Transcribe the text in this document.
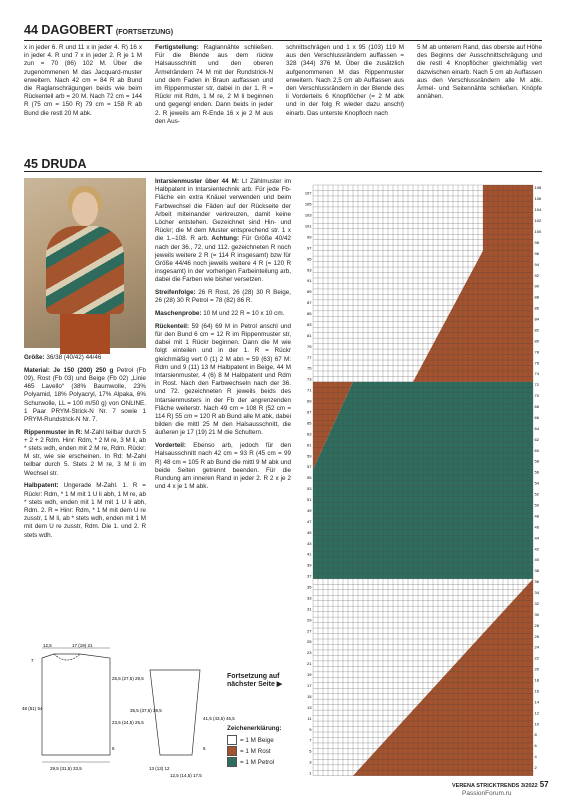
44 DAGOBERT (FORTSETZUNG)

x in jeder 6. R und 11 x in jeder 4. R) 16 x in jeder 4. R und 7 x in jeder 2. R je 1 M zun = 70 (86) 102 M. Über die zugenommenen M das Jacquard-muster erweitern. Nach 42 cm = 84 R ab Bund die Raglanschrägungen beids wie beim Rückenteil arb = 20 M. Nach 72 cm = 144 R (75 cm = 150 R) 79 cm = 158 R ab Bund die restl 20 M abk.

Fertigstellung: Raglannähte schließen. Für die Blende aus dem rückw Halsausschnitt und den oberen Ärmelrändern 74 M mit der Rundstrick-N und dem Faden in Braun auffassen und im Rippenmuster str, dabei in der 1. R = Rückr mit Rdm, 1 M re, 2 M li beginnen und gegengl enden. Dann beids in jeder 2. R jeweils am R-Ende 16 x je 2 M aus den Aus-

schnittschrägen und 1 x 95 (103) 119 M aus den Verschlussrändern auffassen = 328 (344) 376 M. Über die zusätzlich aufgenommenen M das Rippenmuster erweitern. Nach 2,5 cm ab Auffassen aus den Verschlussrändern in der Blende des li Vorderteils 6 Knopflöcher (= 2 M abk und in der folg R wieder dazu anschl) einarb. Das unterste Knopfloch nach

5 M ab unterem Rand, das oberste auf Höhe des Beginns der Ausschnittschrägung und die restl 4 Knopflöcher gleichmäßig vert dazwischen einarb. Nach 5 cm ab Auffassen aus den Verschlussrändern alle M abk. Ärmel- und Seitennähte schließen. Knöpfe annähen.

45 DRUDA

Größe: 36/38 (40/42) 44/46

Material: Je 150 (200) 250 g Petrol (Fb 09), Rost (Fb 03) und Beige (Fb 02) „Linie 465 Lavello“ (38% Baumwolle, 23% Polyamid, 18% Polyacryl, 17% Alpaka, 6% Schurwolle, LL = 100 m/50 g) von ONLINE. 1 Paar PRYM-Strick-N Nr. 7 sowie 1 PRYM-Rundstrick-N Nr. 7.

Rippenmuster in R: M-Zahl teilbar durch 5 + 2 + 2 Rdm. Hinr: Rdm, * 2 M re, 3 M li, ab * stets wdh, enden mit 2 M re, Rdm. Rückr: M str, wie sie erscheinen. In Rd: M-Zahl teilbar durch 5. Stets 2 M re, 3 M li im Wechsel str.

Halbpatent: Ungerade M-Zahl. 1. R = Rückr: Rdm, * 1 M mit 1 U li abh, 1 M re, ab * stets wdh, enden mit 1 M mit 1 U li abh, Rdm. 2. R = Hinr: Rdm, * 1 M mit dem U re zusstr, 1 M li, ab * stets wdh, enden mit 1 M mit dem U re zusstr, Rdm. Die 1. und 2. R stets wdh.

Intarsienmuster über 44 M: Lt Zählmuster im Halbpatent in Intarsientechnik arb. Für jede Fb-Fläche ein extra Knäuel verwenden und beim Farbwechsel die Fäden auf der Rückseite der Arbeit miteinander verkreuzen, damit keine Löcher entstehen. Gezeichnet sind Hin- und Rückr; die M dem Muster entsprechend str. 1 x die 1.–108. R arb. Achtung: Für Größe 40/42 nach der 36., 72. und 112. gezeichneten R noch jeweils weitere 2 R (= 114 R insgesamt) bzw für Größe 44/46 noch jeweils weitere 4 R (= 120 R insgesamt) in der vorherigen Farbeinteilung arb, dabei die Farben wie bisher versetzen.

Streifenfolge: 26 R Rost, 26 (28) 30 R Beige, 26 (28) 30 R Petrol = 78 (82) 86 R.

Maschenprobe: 10 M und 22 R = 10 x 10 cm.

Rückenteil: 59 (64) 69 M in Petrol anschl und für den Bund 6 cm = 12 R im Rippenmuster str, dabei mit 1 Rückr beginnen. Dann die M wie folgt einteilen und in der 1. R = Rückr gleichmäßig vert 0 (1) 2 M abn = 59 (63) 67 M: Rdm und 9 (11) 13 M Halbpatent in Beige, 44 M Intarsienmuster, 4 (6) 8 M Halbpatent und Rdm in Rost. Nach den Farbwechseln nach der 36. und 72. gezeichneten R jeweils beids des Intarsienmusters in der Fb der angrenzenden Fläche weiterstr. Nach 49 cm = 108 R (52 cm = 114 R) 55 cm = 120 R ab Bund alle M abk, dabei bilden die mittl 25 M den Halsausschnitt, die äußeren je 17 (19) 21 M die Schultern.

Vorderteil: Ebenso arb, jedoch für den Halsausschnitt nach 42 cm = 93 R (45 cm = 99 R) 48 cm = 105 R ab Bund die mittl 9 M abk und beide Seiten getrennt beenden. Für die Rundung am inneren Rand in jeder 2. R 2 x je 2 und 4 x je 1 M abk.

12,5	17 (19) 21
7
25,5 (27,5) 29,5
48 (51) 54
23,5 (24,5) 25,5
6
29,5 (31,5) 33,5
35,5 (37,5) 39,5
41,5 (43,5) 45,5
6
13 (13) 12
12,5 (14,5) 17,5
Fortsetzung auf nächster Seite ▶
Zeichenerklärung:
= 1 M Beige
= 1 M Rost
= 1 M Petrol
107
105
103
101
99
97
95
93
91
89
87
85
83
81
79
77
75
73
71
69
67
65
63
61
59
57
55
53
51
49
47
45
43
41
39
37
35
33
31
29
27
25
23
21
19
17
15
13
11
9
7
5
3
1
108
106
104
102
100
98
96
94
92
90
88
86
84
82
80
78
76
74
72
70
68
66
64
62
60
58
56
54
52
50
48
46
44
42
40
38
36
34
32
30
28
26
24
22
20
18
16
14
12
10
8
6
4
2
VERENA STRICKTRENDS 3/2022 57
PassionForum.ru
